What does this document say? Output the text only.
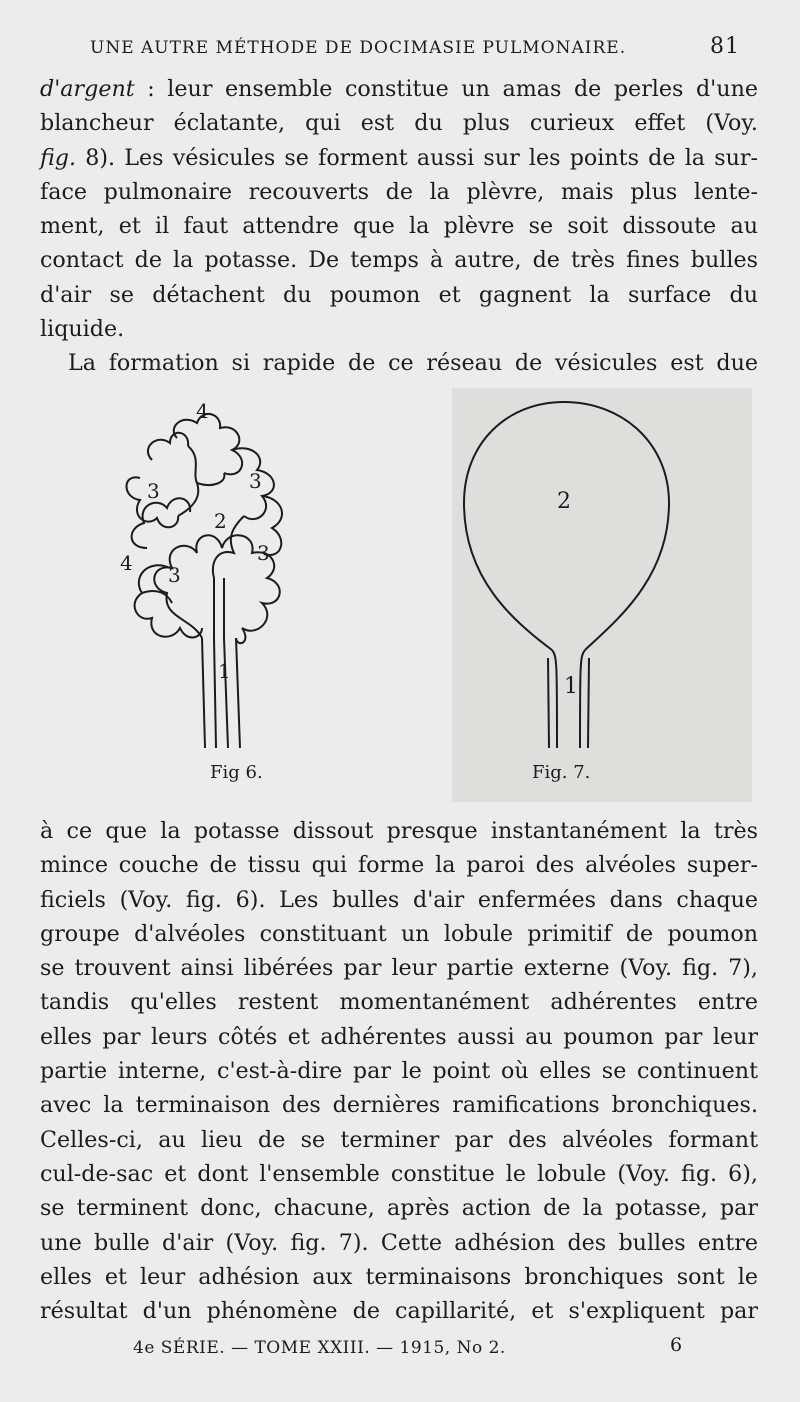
UNE AUTRE MÉTHODE DE DOCIMASIE PULMONAIRE.	81
d'argent : leur ensemble constitue un amas de perles d'une
blancheur éclatante, qui est du plus curieux effet (Voy.
fig. 8). Les vésicules se forment aussi sur les points de la sur-
face pulmonaire recouverts de la plèvre, mais plus lente-
ment, et il faut attendre que la plèvre se soit dissoute au
contact de la potasse. De temps à autre, de très fines bulles
d'air se détachent du poumon et gagnent la surface du
liquide.
La formation si rapide de ce réseau de vésicules est due
4
3	3
2
4 3
3
1
2
1
Fig 6.	Fig. 7.
à ce que la potasse dissout presque instantanément la très
mince couche de tissu qui forme la paroi des alvéoles super-
ficiels (Voy. fig. 6). Les bulles d'air enfermées dans chaque
groupe d'alvéoles constituant un lobule primitif de poumon
se trouvent ainsi libérées par leur partie externe (Voy. fig. 7),
tandis qu'elles restent momentanément adhérentes entre
elles par leurs côtés et adhérentes aussi au poumon par leur
partie interne, c'est-à-dire par le point où elles se continuent
avec la terminaison des dernières ramifications bronchiques.
Celles-ci, au lieu de se terminer par des alvéoles formant
cul-de-sac et dont l'ensemble constitue le lobule (Voy. fig. 6),
se terminent donc, chacune, après action de la potasse, par
une bulle d'air (Voy. fig. 7). Cette adhésion des bulles entre
elles et leur adhésion aux terminaisons bronchiques sont le
résultat d'un phénomène de capillarité, et s'expliquent par
4e SÉRIE. — TOME XXIII. — 1915, No 2.	6
